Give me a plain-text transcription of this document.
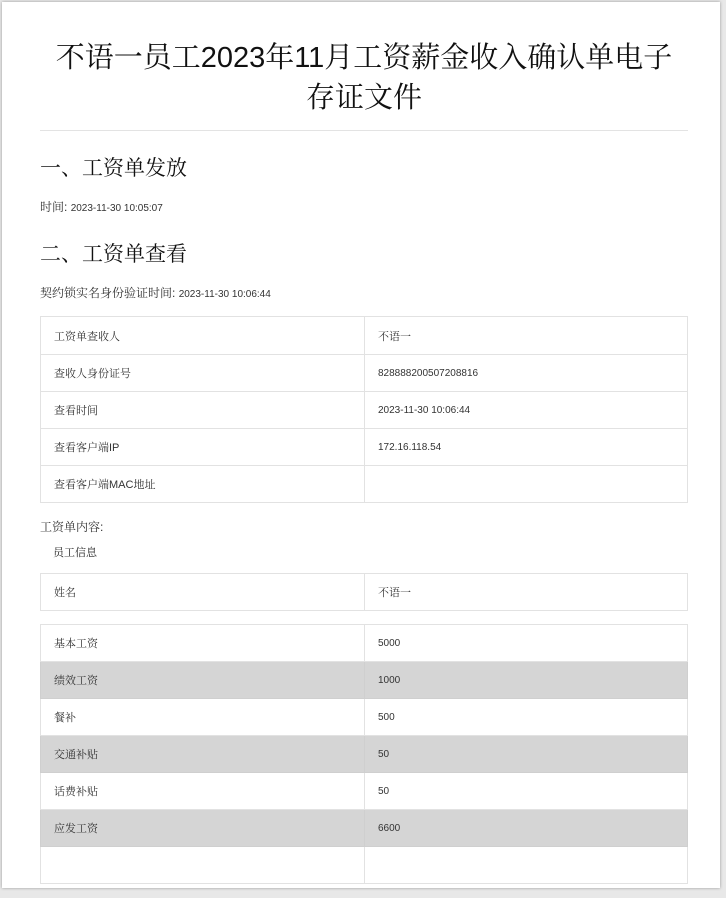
不语一员工2023年11月工资薪金收入确认单电子存证文件
一、工资单发放
时间: 2023-11-30 10:05:07
二、工资单查看
契约锁实名身份验证时间: 2023-11-30 10:06:44
工资单查收人	不语一
查收人身份证号	828888200507208816
查看时间	2023-11-30 10:06:44
查看客户端IP	172.16.118.54
查看客户端MAC地址	
工资单内容:
员工信息
姓名	不语一
基本工资	5000
绩效工资	1000
餐补	500
交通补贴	50
话费补贴	50
应发工资	6600
